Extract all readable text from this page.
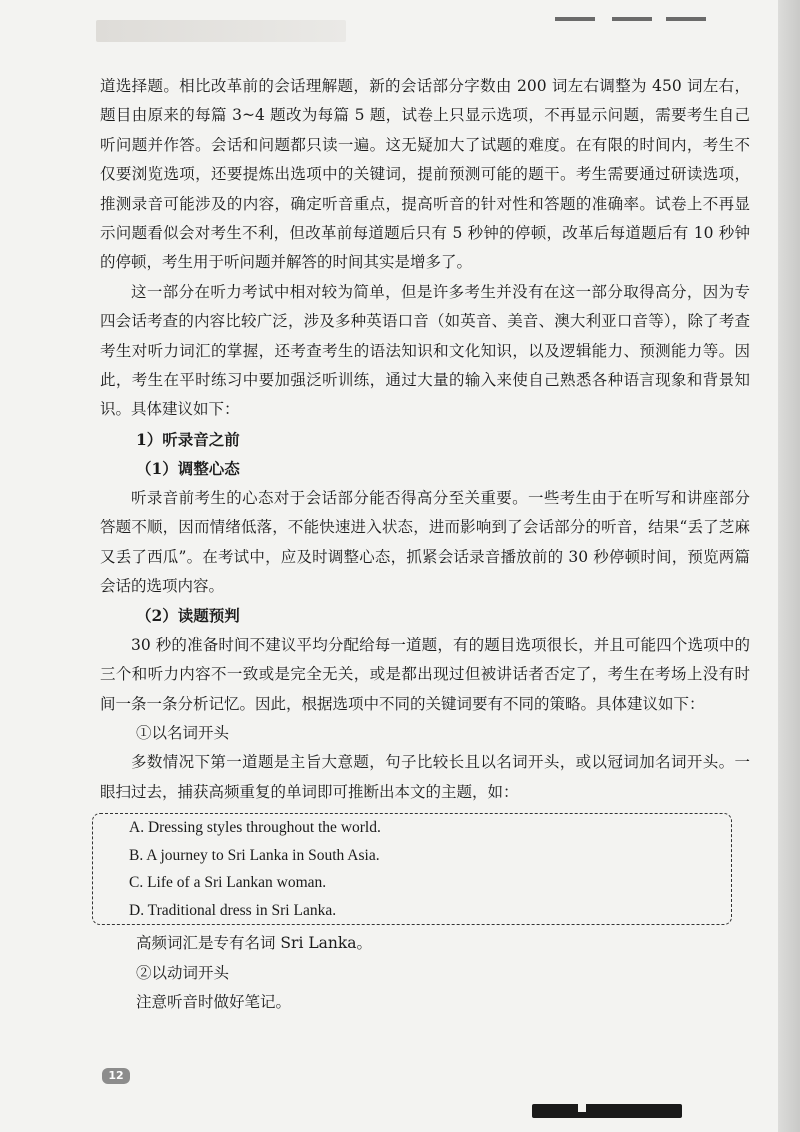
道选择题。相比改革前的会话理解题，新的会话部分字数由 200 词左右调整为 450 词左右，题目由原来的每篇 3~4 题改为每篇 5 题，试卷上只显示选项，不再显示问题，需要考生自己听问题并作答。会话和问题都只读一遍。这无疑加大了试题的难度。在有限的时间内，考生不仅要浏览选项，还要提炼出选项中的关键词，提前预测可能的题干。考生需要通过研读选项，推测录音可能涉及的内容，确定听音重点，提高听音的针对性和答题的准确率。试卷上不再显示问题看似会对考生不利，但改革前每道题后只有 5 秒钟的停顿，改革后每道题后有 10 秒钟的停顿，考生用于听问题并解答的时间其实是增多了。

这一部分在听力考试中相对较为简单，但是许多考生并没有在这一部分取得高分，因为专四会话考查的内容比较广泛，涉及多种英语口音（如英音、美音、澳大利亚口音等），除了考查考生对听力词汇的掌握，还考查考生的语法知识和文化知识，以及逻辑能力、预测能力等。因此，考生在平时练习中要加强泛听训练，通过大量的输入来使自己熟悉各种语言现象和背景知识。具体建议如下：

1）听录音之前

（1）调整心态

听录音前考生的心态对于会话部分能否得高分至关重要。一些考生由于在听写和讲座部分答题不顺，因而情绪低落，不能快速进入状态，进而影响到了会话部分的听音，结果“丢了芝麻又丢了西瓜”。在考试中，应及时调整心态，抓紧会话录音播放前的 30 秒停顿时间，预览两篇会话的选项内容。

（2）读题预判

30 秒的准备时间不建议平均分配给每一道题，有的题目选项很长，并且可能四个选项中的三个和听力内容不一致或是完全无关，或是都出现过但被讲话者否定了，考生在考场上没有时间一条一条分析记忆。因此，根据选项中不同的关键词要有不同的策略。具体建议如下：

①以名词开头

多数情况下第一道题是主旨大意题，句子比较长且以名词开头，或以冠词加名词开头。一眼扫过去，捕获高频重复的单词即可推断出本文的主题，如：

A. Dressing styles throughout the world.
B. A journey to Sri Lanka in South Asia.
C. Life of a Sri Lankan woman.
D. Traditional dress in Sri Lanka.

高频词汇是专有名词 Sri Lanka。

②以动词开头

注意听音时做好笔记。

12
